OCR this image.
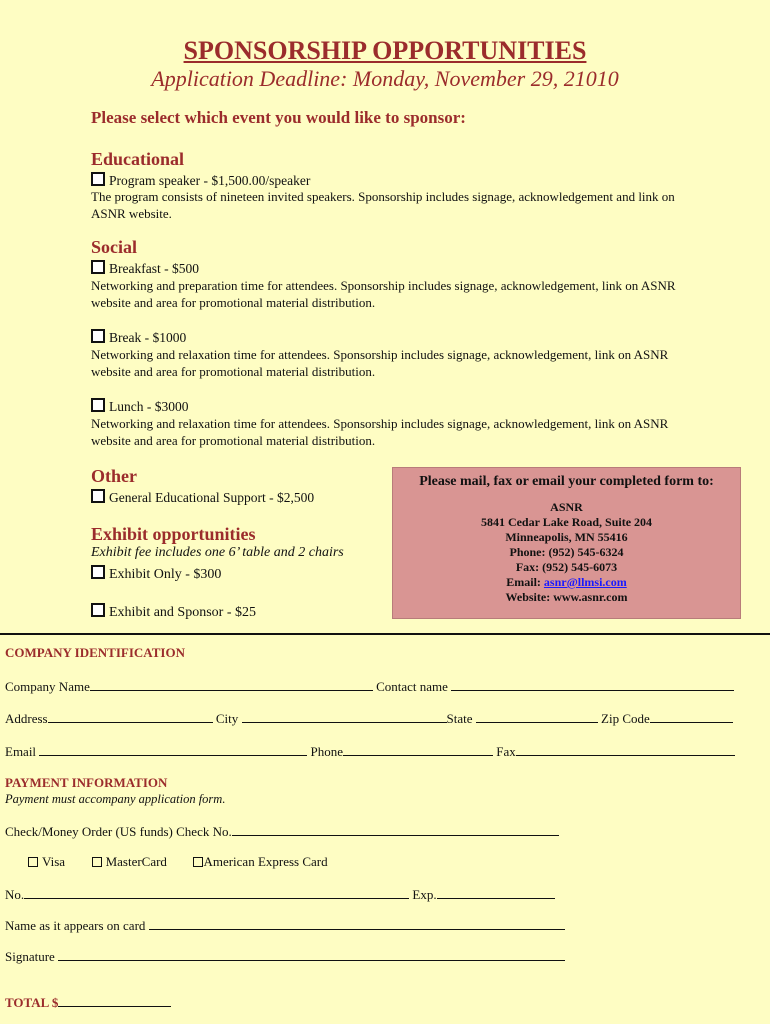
SPONSORSHIP OPPORTUNITIES
Application Deadline: Monday, November 29, 21010
Please select which event you would like to sponsor:
Educational
Program speaker - $1,500.00/speaker
The program consists of nineteen invited speakers. Sponsorship includes signage, acknowledgement and link on ASNR website.
Social
Breakfast - $500
Networking and preparation time for attendees. Sponsorship includes signage, acknowledgement, link on ASNR website and area for promotional material distribution.
Break - $1000
Networking and relaxation time for attendees. Sponsorship includes signage, acknowledgement, link on ASNR website and area for promotional material distribution.
Lunch - $3000
Networking and relaxation time for attendees. Sponsorship includes signage, acknowledgement, link on ASNR website and area for promotional material distribution.
Other
General Educational Support - $2,500
Exhibit opportunities
Exhibit fee includes one 6’ table and 2 chairs
Exhibit Only - $300
Exhibit and Sponsor - $25
Please mail, fax or email your completed form to:
ASNR
5841 Cedar Lake Road, Suite 204
Minneapolis, MN 55416
Phone: (952) 545-6324
Fax: (952) 545-6073
Email: asnr@llmsi.com
Website: www.asnr.com
COMPANY IDENTIFICATION
Company Name	Contact name
Address	City	State	Zip Code
Email	Phone	Fax
PAYMENT INFORMATION
Payment must accompany application form.
Check/Money Order (US funds) Check No.
Visa	MasterCard	American Express Card
No.	Exp.
Name as it appears on card
Signature
TOTAL $
